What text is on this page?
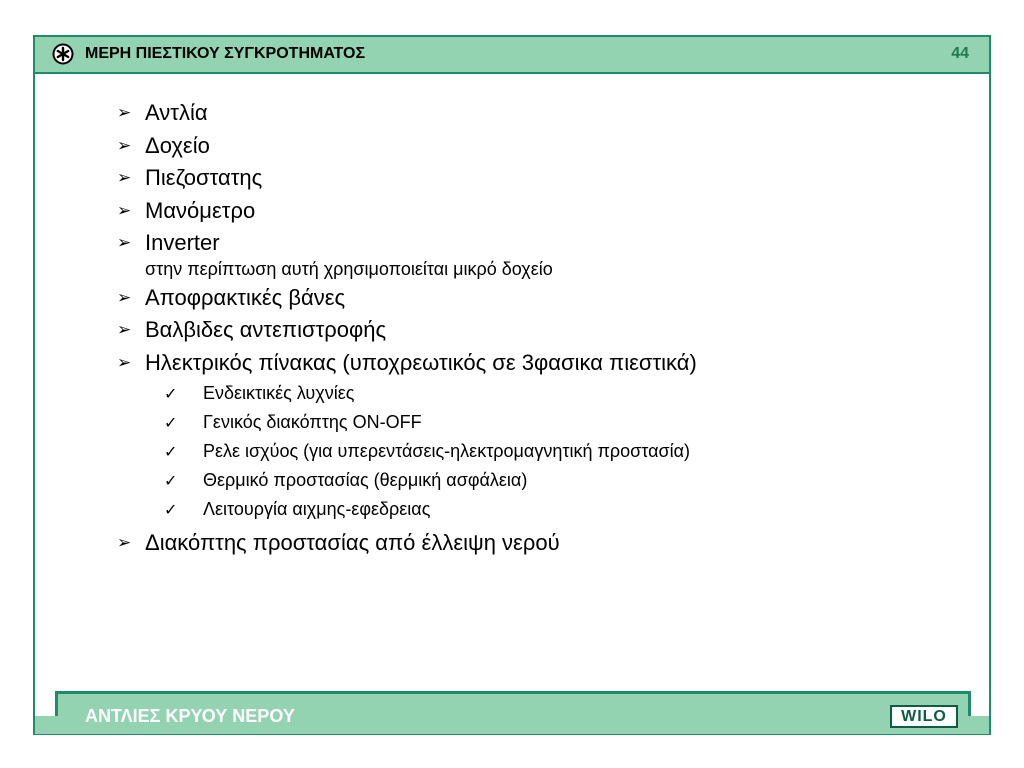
ΜΕΡΗ ΠΙΕΣΤΙΚΟΥ ΣΥΓΚΡΟΤΗΜΑΤΟΣ	44
➢
Αντλία
➢
Δοχείο
➢
Πιεζοστατης
➢
Μανόμετρο
➢
Inverter
στην περίπτωση αυτή χρησιμοποιείται μικρό δοχείο
➢
Αποφρακτικές βάνες
➢
Βαλβιδες αντεπιστροφής
➢
Ηλεκτρικός πίνακας (υποχρεωτικός σε 3φασικα πιεστικά)
✓
Ενδεικτικές λυχνίες
✓
Γενικός διακόπτης ON-OFF
✓
Ρελε ισχύος (για υπερεντάσεις-ηλεκτρομαγνητική προστασία)
✓
Θερμικό προστασίας (θερμική ασφάλεια)
✓
Λειτουργία αιχμης-εφεδρειας
➢
Διακόπτης προστασίας από έλλειψη νερού
ΑΝΤΛΙΕΣ ΚΡΥΟΥ ΝΕΡΟΥ	WILO
